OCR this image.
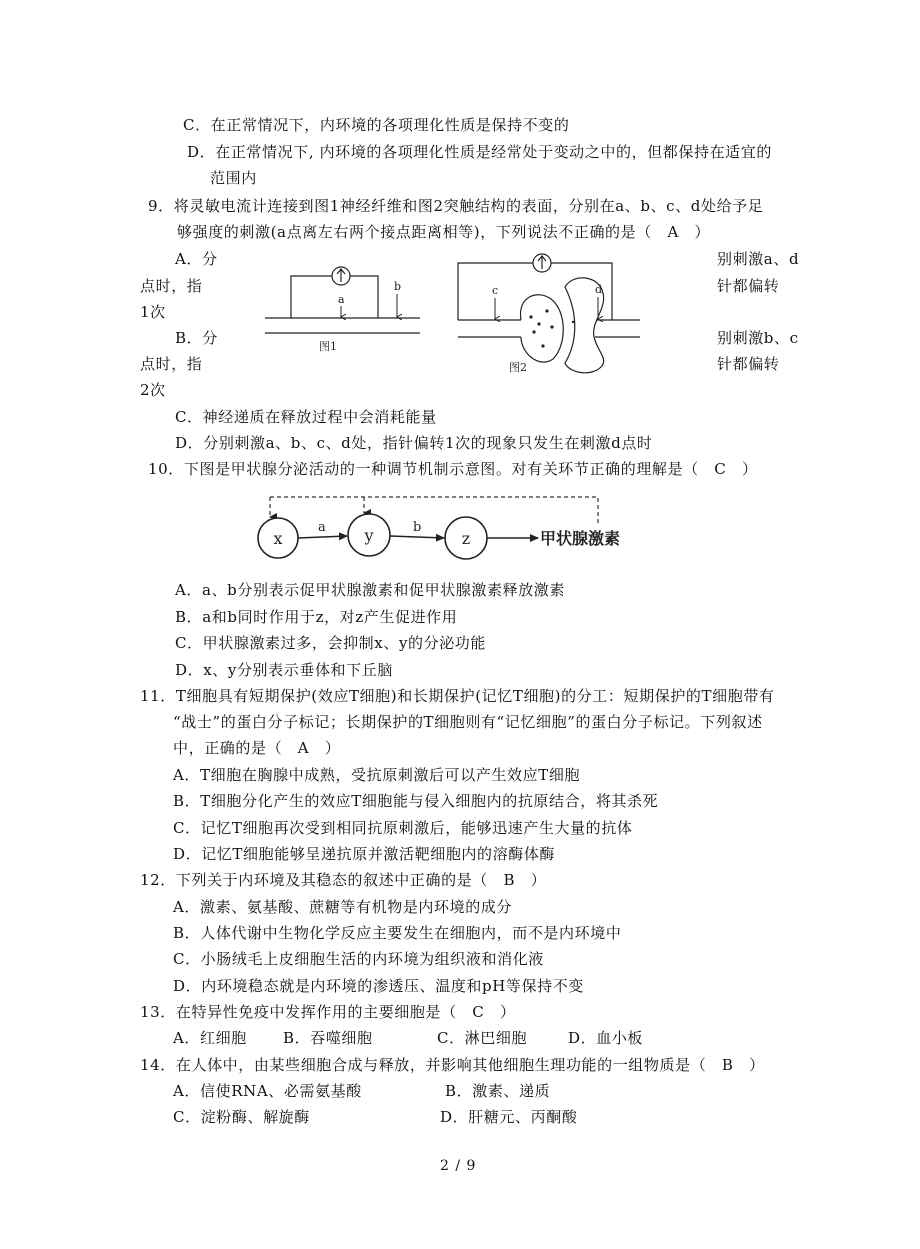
C．在正常情况下，内环境的各项理化性质是保持不变的
D．在正常情况下, 内环境的各项理化性质是经常处于变动之中的，但都保持在适宜的
范围内
9．将灵敏电流计连接到图1神经纤维和图2突触结构的表面，分别在a、b、c、d处给予足
够强度的刺激(a点离左右两个接点距离相等)，下列说法不正确的是（　A　）
A．分	别刺激a、d
点时，指	针都偏转
1次
B．分	别刺激b、c
点时，指	针都偏转
2次
a
b
图1
c	d
图2
C．神经递质在释放过程中会消耗能量
D．分别刺激a、b、c、d处，指针偏转1次的现象只发生在刺激d点时
10．下图是甲状腺分泌活动的一种调节机制示意图。对有关环节正确的理解是（　C　）
x	y	z
a	b
甲状腺激素
A．a、b分别表示促甲状腺激素和促甲状腺激素释放激素
B．a和b同时作用于z，对z产生促进作用
C．甲状腺激素过多，会抑制x、y的分泌功能
D．x、y分别表示垂体和下丘脑
11．T细胞具有短期保护(效应T细胞)和长期保护(记忆T细胞)的分工：短期保护的T细胞带有
“战士”的蛋白分子标记；长期保护的T细胞则有“记忆细胞”的蛋白分子标记。下列叙述
中，正确的是（　A　）
A．T细胞在胸腺中成熟，受抗原刺激后可以产生效应T细胞
B．T细胞分化产生的效应T细胞能与侵入细胞内的抗原结合，将其杀死
C．记忆T细胞再次受到相同抗原刺激后，能够迅速产生大量的抗体
D．记忆T细胞能够呈递抗原并激活靶细胞内的溶酶体酶
12．下列关于内环境及其稳态的叙述中正确的是（　B　）
A．激素、氨基酸、蔗糖等有机物是内环境的成分
B．人体代谢中生物化学反应主要发生在细胞内，而不是内环境中
C．小肠绒毛上皮细胞生活的内环境为组织液和消化液
D．内环境稳态就是内环境的渗透压、温度和pH等保持不变
13．在特异性免疫中发挥作用的主要细胞是（　C　）
A．红细胞 B．吞噬细胞	C．淋巴细胞	D．血小板
14．在人体中，由某些细胞合成与释放，并影响其他细胞生理功能的一组物质是（　B　）
A．信使RNA、必需氨基酸	B．激素、递质
C．淀粉酶、解旋酶	D．肝糖元、丙酮酸
2 / 9
